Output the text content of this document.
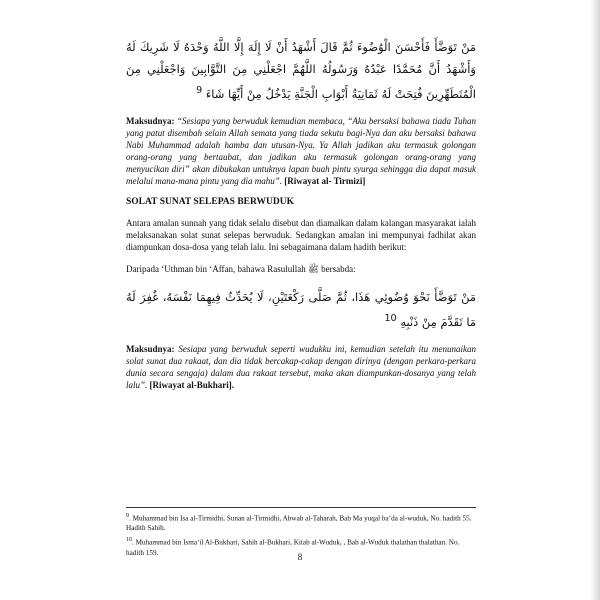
مَنْ تَوَضَّأَ فَأَحْسَنَ الْوُضُوءَ ثُمَّ قَالَ أَشْهَدُ أَنْ لَا إِلَهَ إِلَّا اللَّهُ وَحْدَهُ لَا شَرِيكَ لَهُ وَأَشْهَدُ أَنَّ مُحَمَّدًا عَبْدُهُ وَرَسُولُهُ اللَّهُمَّ اجْعَلْنِي مِنَ التَّوَّابِينَ وَاجْعَلْنِي مِنَ الْمُتَطَهِّرِينَ فُتِحَتْ لَهُ ثَمَانِيَةُ أَبْوَابِ الْجَنَّةِ يَدْخُلُ مِنْ أَيِّهَا شَاءَ $^9$

Maksudnya: “Sesiapa yang berwuduk kemudian membaca, “Aku bersaksi bahawa tiada Tuhan yang patut disembah selain Allah semata yang tiada sekutu bagi-Nya dan aku bersaksi bahawa Nabi Muhammad adalah hamba dan utusan-Nya. Ya Allah jadikan aku termasuk golongan orang-orang yang bertaubat, dan jadikan aku termasuk golongan orang-orang yang menyucikan diri” akan dibukakan untuknya lapan buah pintu syurga sehingga dia dapat masuk melalui mana-mana pintu yang dia mahu”. [Riwayat al- Tirmizi]

SOLAT SUNAT SELEPAS BERWUDUK

Antara amalan sunnah yang tidak selalu disebut dan diamalkan dalam kalangan masyarakat ialah melaksanakan solat sunat selepas berwuduk. Sedangkan amalan ini mempunyai fadhilat akan diampunkan dosa-dosa yang telah lalu. Ini sebagaimana dalam hadith berikut:

Daripada ‘Uthman bin ‘Affan, bahawa Rasulullah ﷺ bersabda:

مَنْ تَوَضَّأَ نَحْوَ وُضُوئِي هَذَا، ثُمَّ صَلَّى رَكْعَتَيْنِ، لَا يُحَدِّثُ فِيهِمَا نَفْسَهُ، غُفِرَ لَهُ مَا تَقَدَّمَ مِنْ ذَنْبِهِ $^{10}$

Maksudnya: Sesiapa yang berwuduk seperti wudukku ini, kemudian setelah itu menunaikan solat sunat dua rakaat, dan dia tidak bercakap-cakap dengan dirinya (dengan perkara-perkara dunia secara sengaja) dalam dua rakaat tersebut, maka akan diampunkan-dosanya yang telah lalu”. [Riwayat al-Bukhari].

$^9$. Muhammad bin Isa al-Tirmidhi, Sunan al-Tirmidhi, Abwab al-Taharah, Bab Ma yuqal ba’da al-wuduk, No. hadith 55. Hadith Sahih.

$^{10}$. Muhammad bin Isma‘il Al-Bukhari, Sahih al-Bukhari, Kitab al-Wuduk, , Bab al-Wuduk thalathan thalathan. No. hadith 159.	8
